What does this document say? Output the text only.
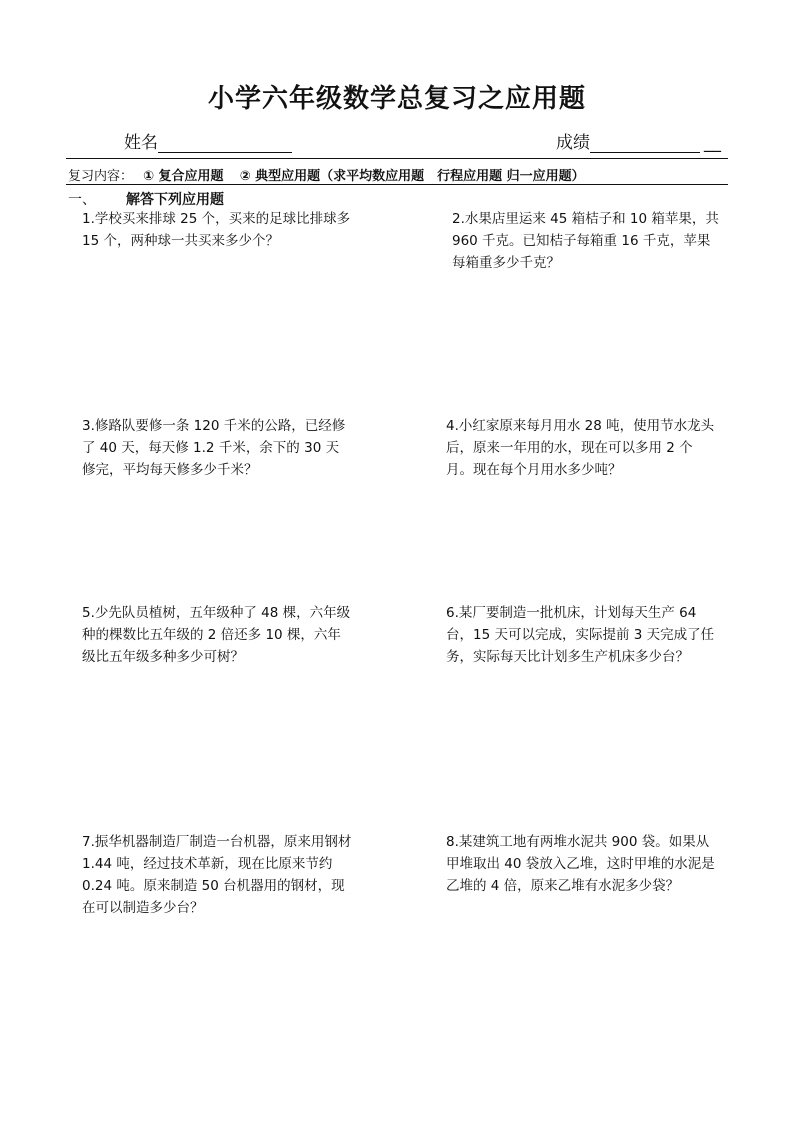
小学六年级数学总复习之应用题
姓名	成绩	__
复习内容： ① 复合应用题 ② 典型应用题（求平均数应用题　行程应用题 归一应用题）
一、 解答下列应用题
1.学校买来排球 25 个，买来的足球比排球多 15 个，两种球一共买来多少个？
2.水果店里运来 45 箱桔子和 10 箱苹果，共 960 千克。已知桔子每箱重 16 千克，苹果每箱重多少千克？
3.修路队要修一条 120 千米的公路，已经修了 40 天，每天修 1.2 千米，余下的 30 天修完，平均每天修多少千米？
4.小红家原来每月用水 28 吨，使用节水龙头后，原来一年用的水，现在可以多用 2 个月。现在每个月用水多少吨？
5.少先队员植树，五年级种了 48 棵，六年级种的棵数比五年级的 2 倍还多 10 棵，六年级比五年级多种多少可树？
6.某厂要制造一批机床，计划每天生产 64 台，15 天可以完成，实际提前 3 天完成了任务，实际每天比计划多生产机床多少台？
7.振华机器制造厂制造一台机器，原来用钢材 1.44 吨，经过技术革新，现在比原来节约 0.24 吨。原来制造 50 台机器用的钢材，现在可以制造多少台？
8.某建筑工地有两堆水泥共 900 袋。如果从甲堆取出 40 袋放入乙堆，这时甲堆的水泥是乙堆的 4 倍，原来乙堆有水泥多少袋？
